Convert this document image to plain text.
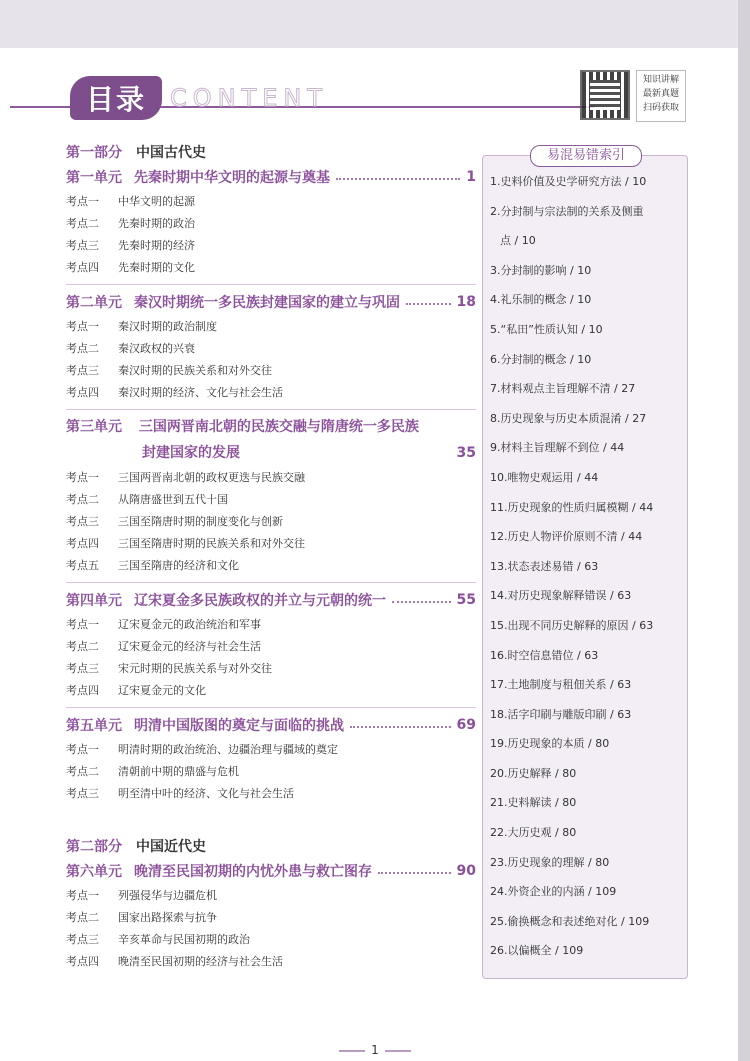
目录	CONTENT
知识讲解
最新真题
扫码获取
第一部分 中国古代史
第一单元 先秦时期中华文明的起源与奠基	1
考点一	中华文明的起源
考点二	先秦时期的政治
考点三	先秦时期的经济
考点四	先秦时期的文化
第二单元 秦汉时期统一多民族封建国家的建立与巩固	18
考点一	秦汉时期的政治制度
考点二	秦汉政权的兴衰
考点三	秦汉时期的民族关系和对外交往
考点四	秦汉时期的经济、文化与社会生活
第三单元 三国两晋南北朝的民族交融与隋唐统一多民族
封建国家的发展	35
考点一	三国两晋南北朝的政权更迭与民族交融
考点二	从隋唐盛世到五代十国
考点三	三国至隋唐时期的制度变化与创新
考点四	三国至隋唐时期的民族关系和对外交往
考点五	三国至隋唐的经济和文化
第四单元 辽宋夏金多民族政权的并立与元朝的统一	55
考点一	辽宋夏金元的政治统治和军事
考点二	辽宋夏金元的经济与社会生活
考点三	宋元时期的民族关系与对外交往
考点四	辽宋夏金元的文化
第五单元 明清中国版图的奠定与面临的挑战	69
考点一	明清时期的政治统治、边疆治理与疆域的奠定
考点二	清朝前中期的鼎盛与危机
考点三	明至清中叶的经济、文化与社会生活
第二部分 中国近代史
第六单元 晚清至民国初期的内忧外患与救亡图存	90
考点一	列强侵华与边疆危机
考点二	国家出路探索与抗争
考点三	辛亥革命与民国初期的政治
考点四	晚清至民国初期的经济与社会生活
易混易错索引
1.史料价值及史学研究方法 / 10
2.分封制与宗法制的关系及侧重
点 / 10
3.分封制的影响 / 10
4.礼乐制的概念 / 10
5.“私田”性质认知 / 10
6.分封制的概念 / 10
7.材料观点主旨理解不清 / 27
8.历史现象与历史本质混淆 / 27
9.材料主旨理解不到位 / 44
10.唯物史观运用 / 44
11.历史现象的性质归属模糊 / 44
12.历史人物评价原则不清 / 44
13.状态表述易错 / 63
14.对历史现象解释错误 / 63
15.出现不同历史解释的原因 / 63
16.时空信息错位 / 63
17.土地制度与租佃关系 / 63
18.活字印刷与雕版印刷 / 63
19.历史现象的本质 / 80
20.历史解释 / 80
21.史料解读 / 80
22.大历史观 / 80
23.历史现象的理解 / 80
24.外资企业的内涵 / 109
25.偷换概念和表述绝对化 / 109
26.以偏概全 / 109
1
